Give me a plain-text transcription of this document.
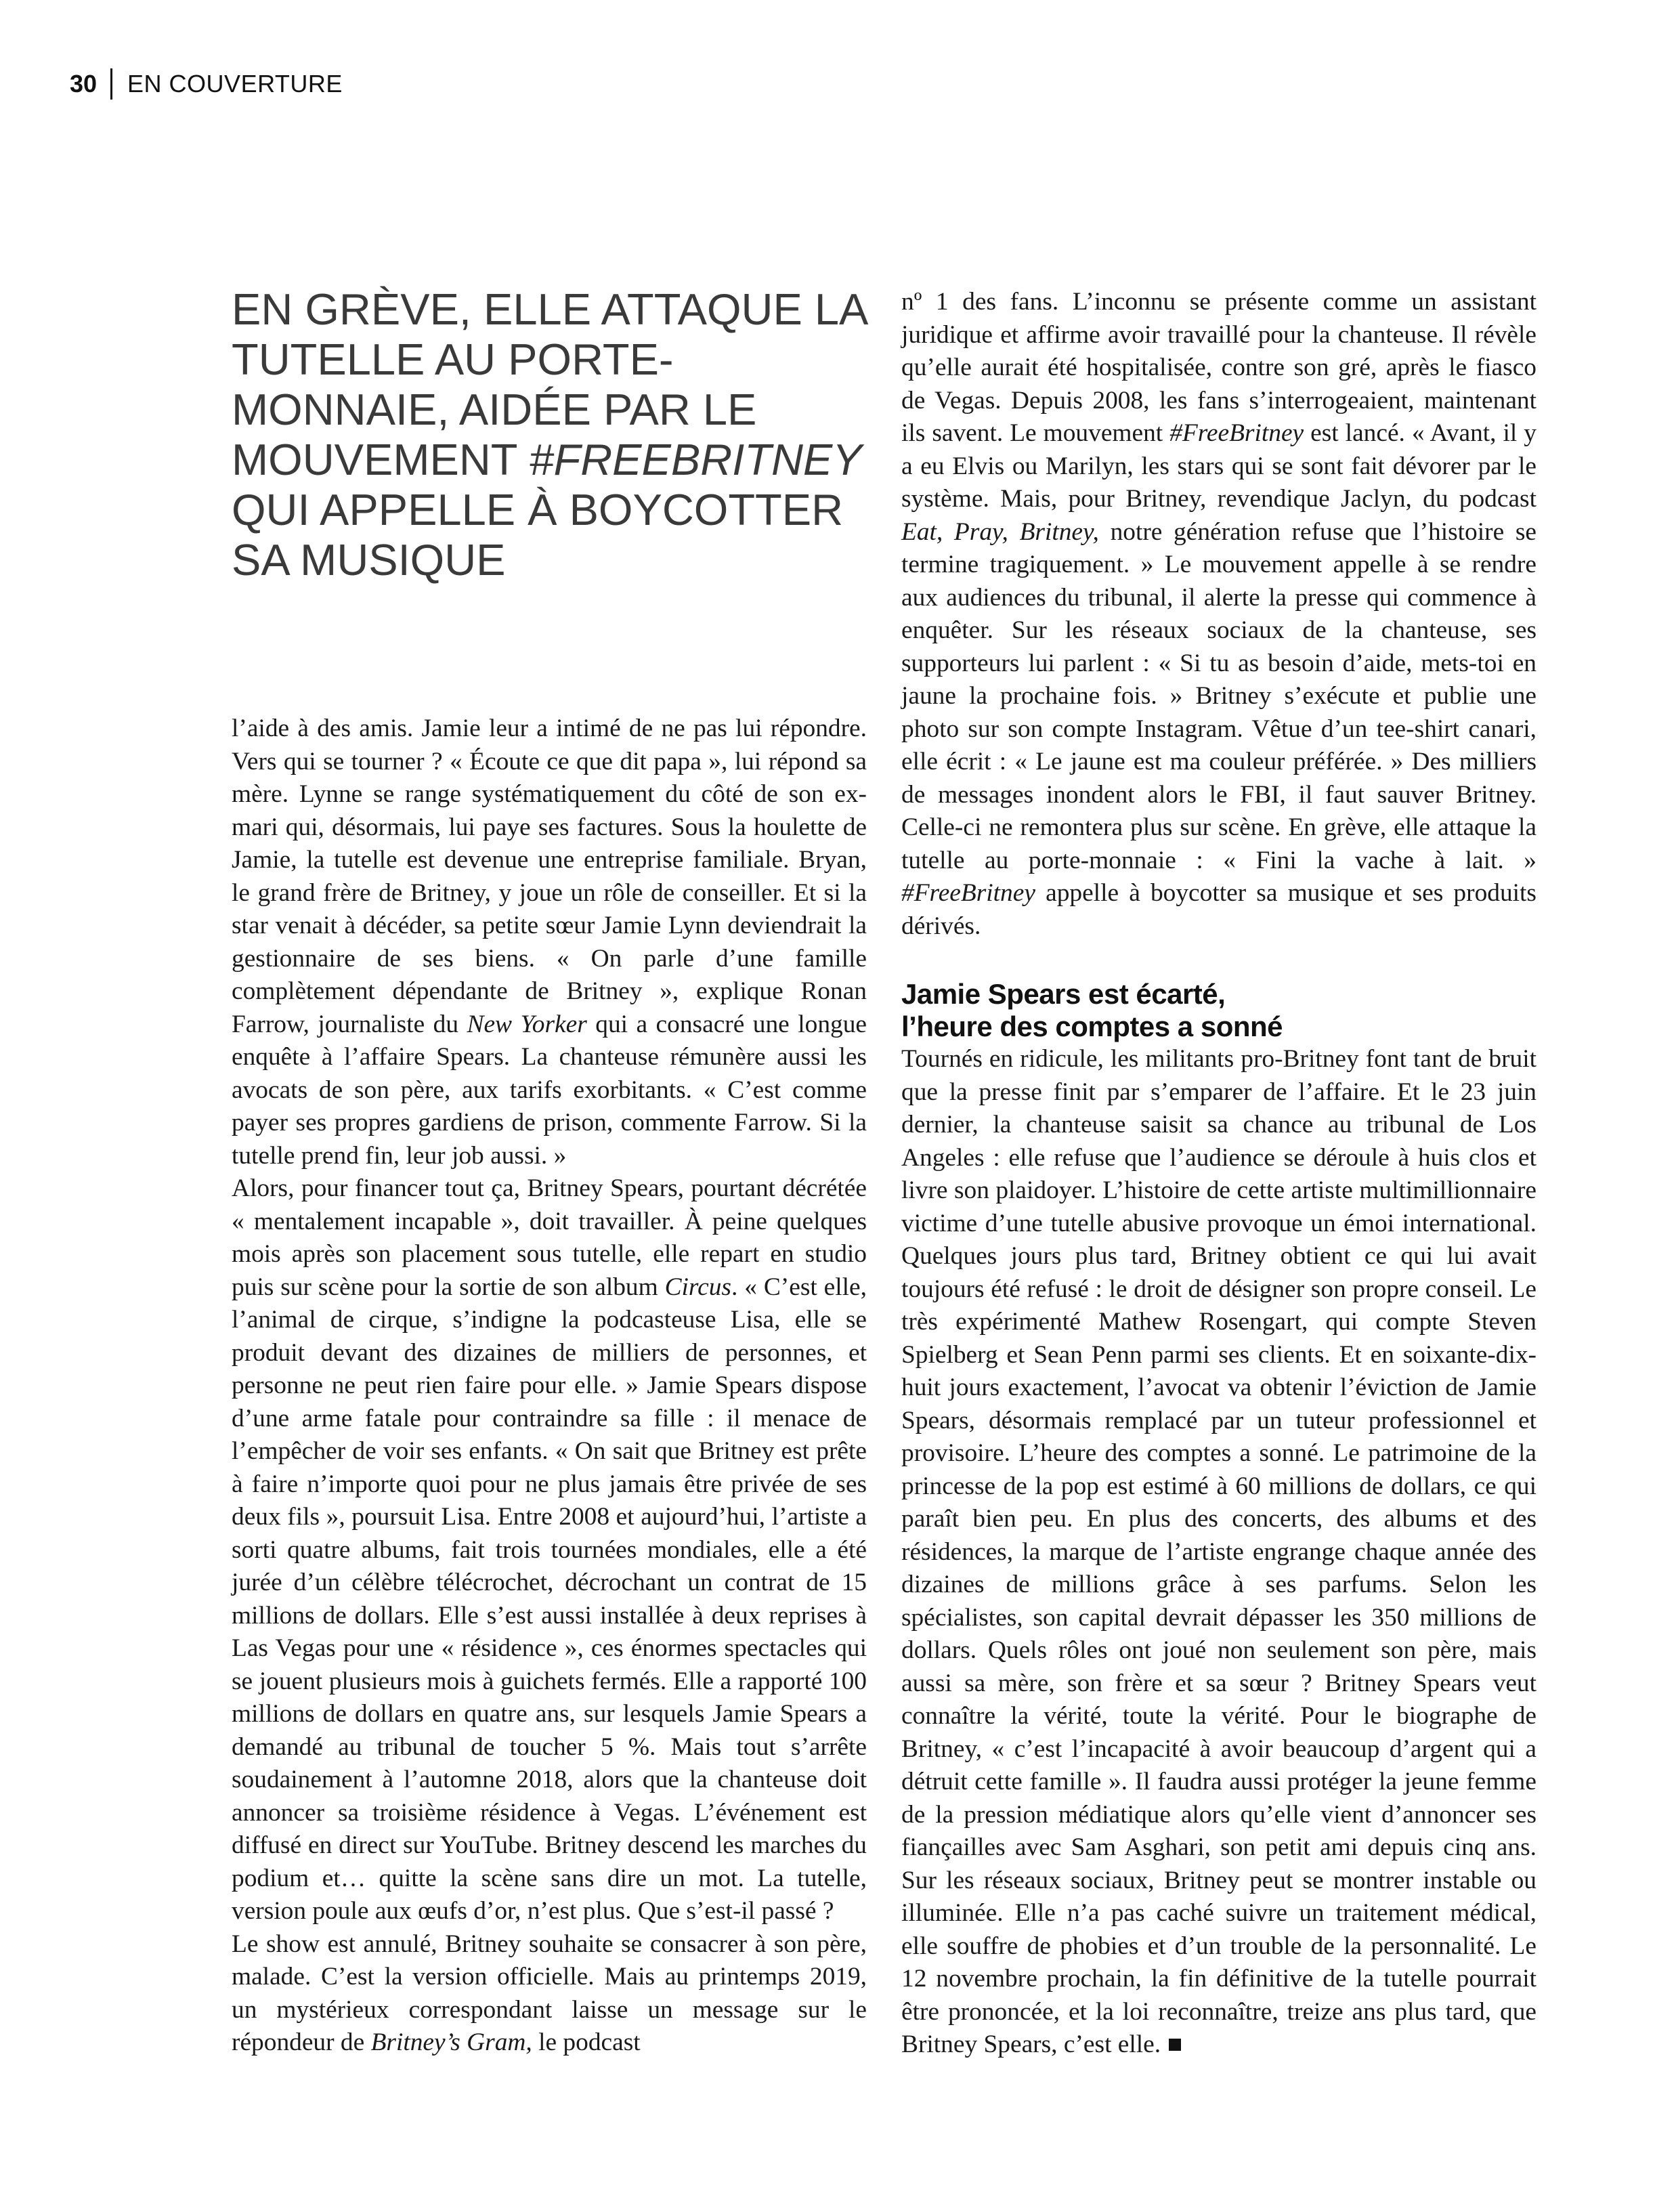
30 EN COUVERTURE
EN GRÈVE, ELLE ATTAQUE LA TUTELLE AU PORTE-MONNAIE, AIDÉE PAR LE MOUVEMENT #FREEBRITNEY QUI APPELLE À BOYCOTTER SA MUSIQUE

l’aide à des amis. Jamie leur a intimé de ne pas lui répondre. Vers qui se tourner ? « Écoute ce que dit papa », lui répond sa mère. Lynne se range systématiquement du côté de son ex-mari qui, désormais, lui paye ses factures. Sous la houlette de Jamie, la tutelle est devenue une entreprise familiale. Bryan, le grand frère de Britney, y joue un rôle de conseiller. Et si la star venait à décéder, sa petite sœur Jamie Lynn deviendrait la gestionnaire de ses biens. « On parle d’une famille complètement dépendante de Britney », explique Ronan Farrow, journaliste du New Yorker qui a consacré une longue enquête à l’affaire Spears. La chanteuse rémunère aussi les avocats de son père, aux tarifs exorbitants. « C’est comme payer ses propres gardiens de prison, commente Farrow. Si la tutelle prend fin, leur job aussi. »

Alors, pour financer tout ça, Britney Spears, pourtant décrétée « mentalement incapable », doit travailler. À peine quelques mois après son placement sous tutelle, elle repart en studio puis sur scène pour la sortie de son album Circus. « C’est elle, l’animal de cirque, s’indigne la podcasteuse Lisa, elle se produit devant des dizaines de milliers de personnes, et personne ne peut rien faire pour elle. » Jamie Spears dispose d’une arme fatale pour contraindre sa fille : il menace de l’empêcher de voir ses enfants. « On sait que Britney est prête à faire n’importe quoi pour ne plus jamais être privée de ses deux fils », poursuit Lisa. Entre 2008 et aujourd’hui, l’artiste a sorti quatre albums, fait trois tournées mondiales, elle a été jurée d’un célèbre télécrochet, décrochant un contrat de 15 millions de dollars. Elle s’est aussi installée à deux reprises à Las Vegas pour une « résidence », ces énormes spectacles qui se jouent plusieurs mois à guichets fermés. Elle a rapporté 100 millions de dollars en quatre ans, sur lesquels Jamie Spears a demandé au tribunal de toucher 5 %. Mais tout s’arrête soudainement à l’automne 2018, alors que la chanteuse doit annoncer sa troisième résidence à Vegas. L’événement est diffusé en direct sur YouTube. Britney descend les marches du podium et… quitte la scène sans dire un mot. La tutelle, version poule aux œufs d’or, n’est plus. Que s’est-il passé ?

Le show est annulé, Britney souhaite se consacrer à son père, malade. C’est la version officielle. Mais au printemps 2019, un mystérieux correspondant laisse un message sur le répondeur de Britney’s Gram, le podcast

nº 1 des fans. L’inconnu se présente comme un assistant juridique et affirme avoir travaillé pour la chanteuse. Il révèle qu’elle aurait été hospitalisée, contre son gré, après le fiasco de Vegas. Depuis 2008, les fans s’interrogeaient, maintenant ils savent. Le mouvement #FreeBritney est lancé. « Avant, il y a eu Elvis ou Marilyn, les stars qui se sont fait dévorer par le système. Mais, pour Britney, revendique Jaclyn, du podcast Eat, Pray, Britney, notre génération refuse que l’histoire se termine tragiquement. » Le mouvement appelle à se rendre aux audiences du tribunal, il alerte la presse qui commence à enquêter. Sur les réseaux sociaux de la chanteuse, ses supporteurs lui parlent : « Si tu as besoin d’aide, mets-toi en jaune la prochaine fois. » Britney s’exécute et publie une photo sur son compte Instagram. Vêtue d’un tee-shirt canari, elle écrit : « Le jaune est ma couleur préférée. » Des milliers de messages inondent alors le FBI, il faut sauver Britney. Celle-ci ne remontera plus sur scène. En grève, elle attaque la tutelle au porte-monnaie : « Fini la vache à lait. » #FreeBritney appelle à boycotter sa musique et ses produits dérivés.

Jamie Spears est écarté,
l’heure des comptes a sonné

Tournés en ridicule, les militants pro-Britney font tant de bruit que la presse finit par s’emparer de l’affaire. Et le 23 juin dernier, la chanteuse saisit sa chance au tribunal de Los Angeles : elle refuse que l’audience se déroule à huis clos et livre son plaidoyer. L’histoire de cette artiste multimillionnaire victime d’une tutelle abusive provoque un émoi international. Quelques jours plus tard, Britney obtient ce qui lui avait toujours été refusé : le droit de désigner son propre conseil. Le très expérimenté Mathew Rosengart, qui compte Steven Spielberg et Sean Penn parmi ses clients. Et en soixante-dix-huit jours exactement, l’avocat va obtenir l’éviction de Jamie Spears, désormais remplacé par un tuteur professionnel et provisoire. L’heure des comptes a sonné. Le patrimoine de la princesse de la pop est estimé à 60 millions de dollars, ce qui paraît bien peu. En plus des concerts, des albums et des résidences, la marque de l’artiste engrange chaque année des dizaines de millions grâce à ses parfums. Selon les spécialistes, son capital devrait dépasser les 350 millions de dollars. Quels rôles ont joué non seulement son père, mais aussi sa mère, son frère et sa sœur ? Britney Spears veut connaître la vérité, toute la vérité. Pour le biographe de Britney, « c’est l’incapacité à avoir beaucoup d’argent qui a détruit cette famille ». Il faudra aussi protéger la jeune femme de la pression médiatique alors qu’elle vient d’annoncer ses fiançailles avec Sam Asghari, son petit ami depuis cinq ans. Sur les réseaux sociaux, Britney peut se montrer instable ou illuminée. Elle n’a pas caché suivre un traitement médical, elle souffre de phobies et d’un trouble de la personnalité. Le 12 novembre prochain, la fin définitive de la tutelle pourrait être prononcée, et la loi reconnaître, treize ans plus tard, que Britney Spears, c’est elle.
